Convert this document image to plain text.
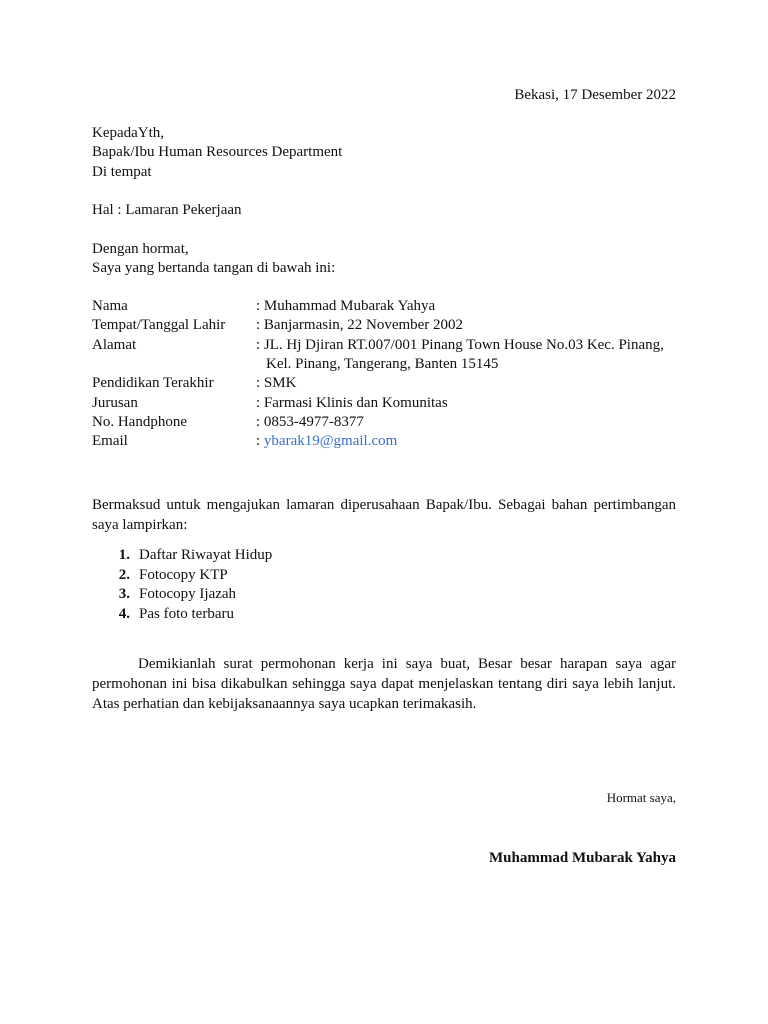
Bekasi, 17 Desember 2022
KepadaYth,
Bapak/Ibu Human Resources Department
Di tempat
Hal : Lamaran Pekerjaan
Dengan hormat,
Saya yang bertanda tangan di bawah ini:
Nama	: Muhammad Mubarak Yahya
Tempat/Tanggal Lahir : Banjarmasin, 22 November 2002
Alamat	: JL. Hj Djiran RT.007/001 Pinang Town House No.03 Kec. Pinang,
Kel. Pinang, Tangerang, Banten 15145
Pendidikan Terakhir	: SMK
Jurusan	: Farmasi Klinis dan Komunitas
No. Handphone	: 0853-4977-8377
Email	: ybarak19@gmail.com
Bermaksud untuk mengajukan lamaran diperusahaan Bapak/Ibu. Sebagai bahan pertimbangan saya lampirkan:
1. Daftar Riwayat Hidup
2. Fotocopy KTP
3. Fotocopy Ijazah
4. Pas foto terbaru
Demikianlah surat permohonan kerja ini saya buat, Besar besar harapan saya agar permohonan ini bisa dikabulkan sehingga saya dapat menjelaskan tentang diri saya lebih lanjut. Atas perhatian dan kebijaksanaannya saya ucapkan terimakasih.
Hormat saya,
Muhammad Mubarak Yahya
